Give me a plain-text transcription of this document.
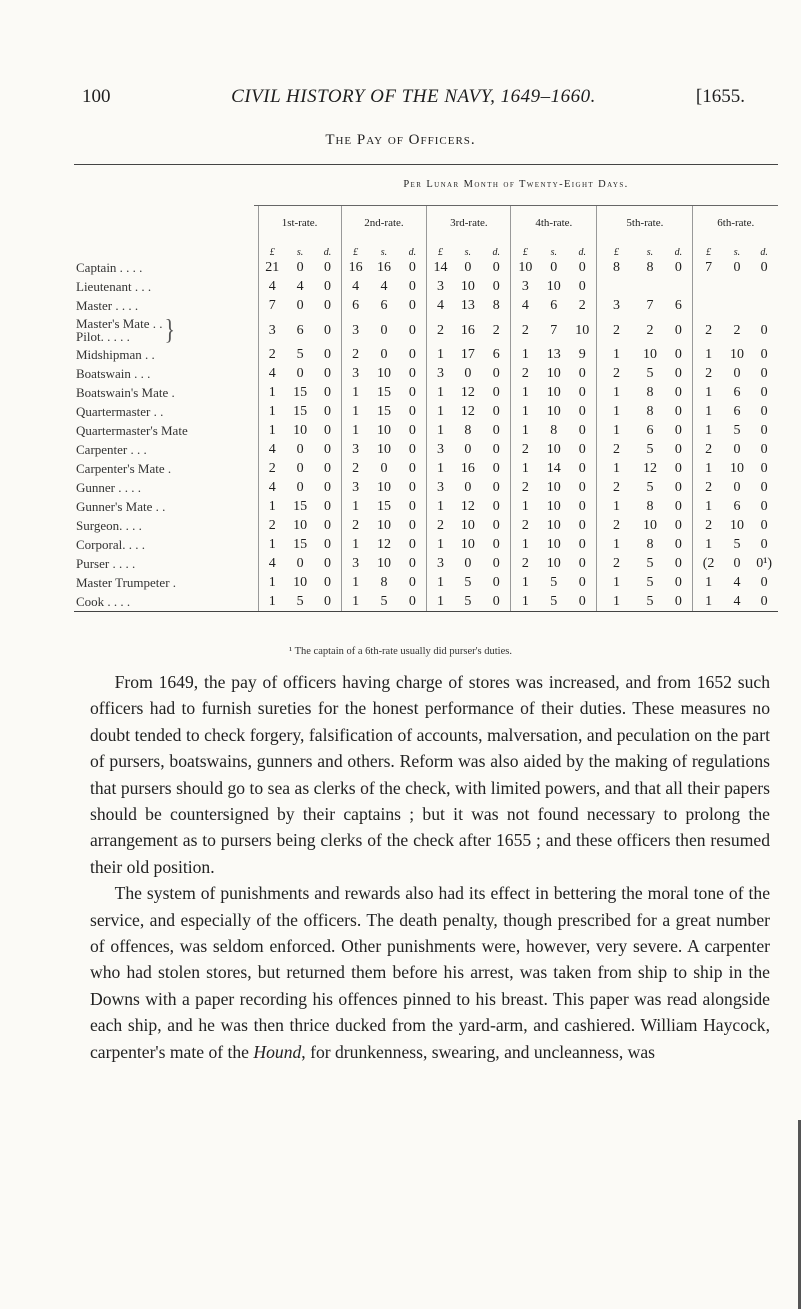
100	CIVIL HISTORY OF THE NAVY, 1649–1660.	[1655.
The Pay of Officers.
Per Lunar Month of Twenty-Eight Days.
	1st-rate.			2nd-rate.			3rd-rate.			4th-rate.			5th-rate.			6th-rate.		
	£	s.	d.	£	s.	d.	£	s.	d.	£	s.	d.	£	s.	d.	£	s.	d.
Captain . . . .	21	0	0	16	16	0	14	0	0	10	0	0	8	8	0	7	0	0
Lieutenant . . .	4	4	0	4	4	0	3	10	0	3	10	0						
Master . . . .	7	0	0	6	6	0	4	13	8	4	6	2	3	7	6			

Master's Mate . .
Pilot. . . . . }	3	6	0	3	0	0	2	16	2	2	7	10	2	2	0	2	2	0
Midshipman . .	2	5	0	2	0	0	1	17	6	1	13	9	1	10	0	1	10	0
Boatswain . . .	4	0	0	3	10	0	3	0	0	2	10	0	2	5	0	2	0	0
Boatswain's Mate .	1	15	0	1	15	0	1	12	0	1	10	0	1	8	0	1	6	0
Quartermaster . .	1	15	0	1	15	0	1	12	0	1	10	0	1	8	0	1	6	0
Quartermaster's Mate	1	10	0	1	10	0	1	8	0	1	8	0	1	6	0	1	5	0
Carpenter . . .	4	0	0	3	10	0	3	0	0	2	10	0	2	5	0	2	0	0
Carpenter's Mate .	2	0	0	2	0	0	1	16	0	1	14	0	1	12	0	1	10	0
Gunner . . . .	4	0	0	3	10	0	3	0	0	2	10	0	2	5	0	2	0	0
Gunner's Mate . .	1	15	0	1	15	0	1	12	0	1	10	0	1	8	0	1	6	0
Surgeon. . . .	2	10	0	2	10	0	2	10	0	2	10	0	2	10	0	2	10	0
Corporal. . . .	1	15	0	1	12	0	1	10	0	1	10	0	1	8	0	1	5	0
Purser . . . .	4	0	0	3	10	0	3	0	0	2	10	0	2	5	0	(2	0	0¹)
Master Trumpeter .	1	10	0	1	8	0	1	5	0	1	5	0	1	5	0	1	4	0
Cook . . . .	1	5	0	1	5	0	1	5	0	1	5	0	1	5	0	1	4	0
¹ The captain of a 6th-rate usually did purser's duties.

From 1649, the pay of officers having charge of stores was increased, and from 1652 such officers had to furnish sureties for the honest performance of their duties. These measures no doubt tended to check forgery, falsification of accounts, malversation, and peculation on the part of pursers, boatswains, gunners and others. Reform was also aided by the making of regulations that pursers should go to sea as clerks of the check, with limited powers, and that all their papers should be countersigned by their captains ; but it was not found necessary to prolong the arrangement as to pursers being clerks of the check after 1655 ; and these officers then resumed their old position.

The system of punishments and rewards also had its effect in bettering the moral tone of the service, and especially of the officers. The death penalty, though prescribed for a great number of offences, was seldom enforced. Other punishments were, however, very severe. A carpenter who had stolen stores, but returned them before his arrest, was taken from ship to ship in the Downs with a paper recording his offences pinned to his breast. This paper was read alongside each ship, and he was then thrice ducked from the yard-arm, and cashiered. William Haycock, carpenter's mate of the Hound, for drunkenness, swearing, and uncleanness, was
